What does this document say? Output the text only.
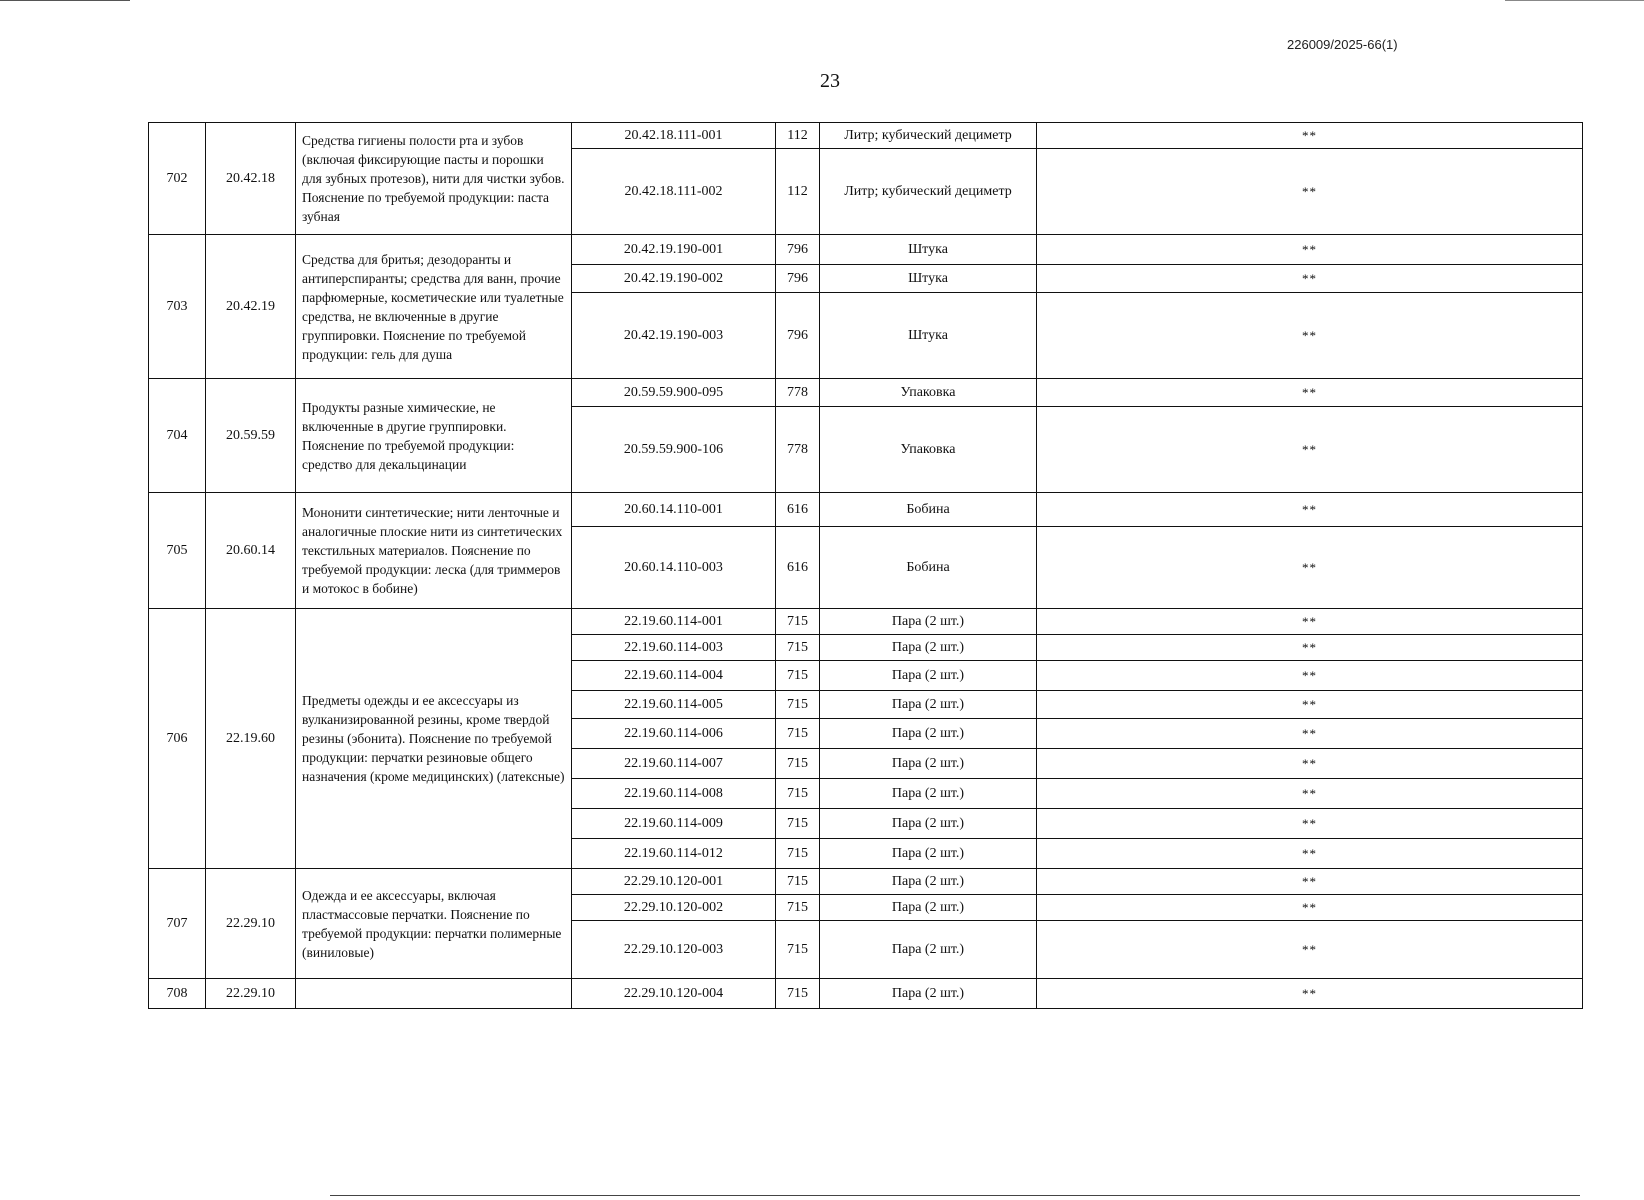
226009/2025-66(1)
23
702	20.42.18	Средства гигиены полости рта и зубов (включая фиксирующие пасты и порошки для зубных протезов), нити для чистки зубов. Пояснение по требуемой продукции: паста зубная	20.42.18.111-001	112	Литр; кубический дециметр	**
			20.42.18.111-002	112	Литр; кубический дециметр	**
703	20.42.19	Средства для бритья; дезодоранты и антиперспиранты; средства для ванн, прочие парфюмерные, косметические или туалетные средства, не включенные в другие группировки. Пояснение по требуемой продукции: гель для душа	20.42.19.190-001	796	Штука	**
			20.42.19.190-002	796	Штука	**
			20.42.19.190-003	796	Штука	**
704	20.59.59	Продукты разные химические, не включенные в другие группировки. Пояснение по требуемой продукции: средство для декальцинации	20.59.59.900-095	778	Упаковка	**
			20.59.59.900-106	778	Упаковка	**
705	20.60.14	Мононити синтетические; нити ленточные и аналогичные плоские нити из синтетических текстильных материалов. Пояснение по требуемой продукции: леска (для триммеров и мотокос в бобине)	20.60.14.110-001	616	Бобина	**
			20.60.14.110-003	616	Бобина	**
706	22.19.60	Предметы одежды и ее аксессуары из вулканизированной резины, кроме твердой резины (эбонита). Пояснение по требуемой продукции: перчатки резиновые общего назначения (кроме медицинских) (латексные)	22.19.60.114-001	715	Пара (2 шт.)	**
			22.19.60.114-003	715	Пара (2 шт.)	**
			22.19.60.114-004	715	Пара (2 шт.)	**
			22.19.60.114-005	715	Пара (2 шт.)	**
			22.19.60.114-006	715	Пара (2 шт.)	**
			22.19.60.114-007	715	Пара (2 шт.)	**
			22.19.60.114-008	715	Пара (2 шт.)	**
			22.19.60.114-009	715	Пара (2 шт.)	**
			22.19.60.114-012	715	Пара (2 шт.)	**
707	22.29.10	Одежда и ее аксессуары, включая пластмассовые перчатки. Пояснение по требуемой продукции: перчатки полимерные (виниловые)	22.29.10.120-001	715	Пара (2 шт.)	**
			22.29.10.120-002	715	Пара (2 шт.)	**
			22.29.10.120-003	715	Пара (2 шт.)	**
708	22.29.10		22.29.10.120-004	715	Пара (2 шт.)	**
